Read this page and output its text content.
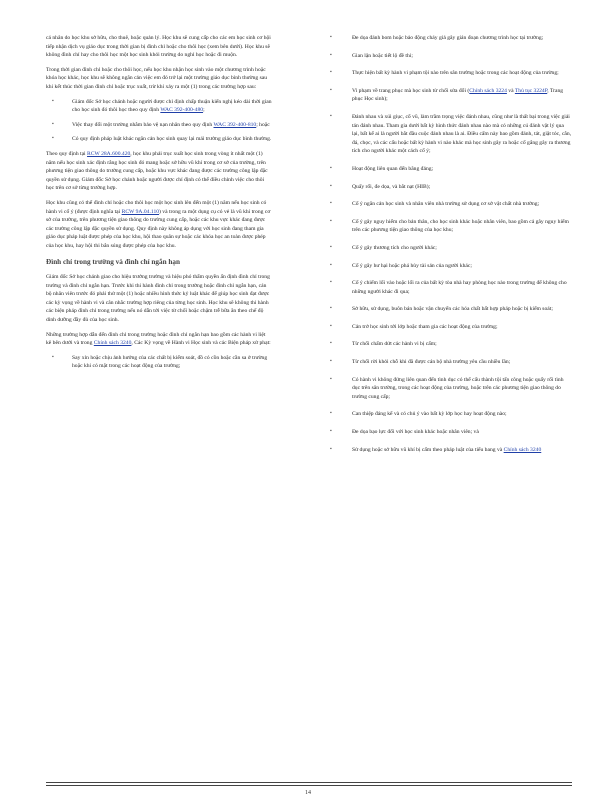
cá nhân do học khu sở hữu, cho thuê, hoặc quản lý. Học khu sẽ cung cấp cho các em học sinh cơ hội tiếp nhận dịch vụ giáo dục trong thời gian bị đình chỉ hoặc cho thôi học (xem bên dưới). Học khu sẽ không đình chỉ hay cho thôi học một học sinh khỏi trường do nghỉ học hoặc đi muộn.

Trong thời gian đình chỉ hoặc cho thôi học, nếu học khu nhận học sinh vào một chương trình hoặc khóa học khác, học khu sẽ không ngăn cản việc em đó trở lại một trường giáo dục bình thường sau khi kết thúc thời gian đình chỉ hoặc trục xuất, trừ khi xảy ra một (1) trong các trường hợp sau:

▪ Giám đốc Sở học chánh hoặc người được chỉ định chấp thuận kiến nghị kéo dài thời gian cho học sinh đó thôi học theo quy định WAC 392-400-480;
▪ Việc thay đổi một trường nhằm bảo vệ nạn nhân theo quy định WAC 392-400-810; hoặc
▪ Có quy định pháp luật khác ngăn cản học sinh quay lại mái trường giáo dục bình thường.

Theo quy định tại RCW 28A.600.420, học khu phải trục xuất học sinh trong vòng ít nhất một (1) năm nếu học sinh xác định rằng học sinh đó mang hoặc sở hữu vũ khí trong cơ sở của trường, trên phương tiện giao thông do trường cung cấp, hoặc khu vực khác đang được các trường công lập đặc quyền sử dụng. Giám đốc Sở học chánh hoặc người được chỉ định có thể điều chỉnh việc cho thôi học trên cơ sở từng trường hợp.

Học khu cũng có thể đình chỉ hoặc cho thôi học một học sinh lên đến một (1) năm nếu học sinh có hành vi cố ý (được định nghĩa tại RCW 9A.04.110) và trong ra một dụng cụ có vẻ là vũ khí trong cơ sở của trường, trên phương tiện giao thông do trường cung cấp, hoặc các khu vực khác đang được các trường công lập đặc quyền sử dụng. Quy định này không áp dụng với học sinh đang tham gia giáo dục pháp luật được phép của học khu, hội thao quân sự hoặc các khóa học an toàn được phép của học khu, hay hội thi bắn súng được phép của học khu.

Đình chỉ trong trường và đình chỉ ngắn hạn

Giám đốc Sở học chánh giao cho hiệu trưởng trường và hiệu phó thẩm quyền ấn định đình chỉ trong trường và đình chỉ ngắn hạn. Trước khi thi hành đình chỉ trong trường hoặc đình chỉ ngắn hạn, cán bộ nhân viên trước đó phải thử một (1) hoặc nhiều hình thức kỷ luật khác để giúp học sinh đạt được các kỳ vọng về hành vi và cân nhắc trường hợp riêng của từng học sinh. Học khu sẽ không thi hành các biện pháp đình chỉ trong trường nếu nó dẫn tới việc từ chối hoặc chậm trễ bữa ăn theo chế độ dinh dưỡng đầy đủ của học sinh.

Những trường hợp dẫn đến đình chỉ trong trường hoặc đình chỉ ngắn hạn bao gồm các hành vi liệt kê bên dưới và trong Chính sách 3240, Các Kỳ vọng về Hành vi Học sinh và các Biện pháp xử phạt:

▪ Say xỉn hoặc chịu ảnh hưởng của các chất bị kiểm soát, đồ có cồn hoặc cần sa ở trường hoặc khi có mặt trong các hoạt động của trường;
▪ Đe dọa đánh bom hoặc bảo động cháy giả gây gián đoạn chương trình học tại trường;
▪ Gian lận hoặc tiết lộ đề thi;
▪ Thực hiện bất kỳ hành vi phạm tội nào trên sân trường hoặc trong các hoạt động của trường;
▪ Vi phạm về trang phục mà học sinh từ chối sửa đổi (Chính sách 3224 và Thủ tục 3224P, Trang phục Học sinh);
▪ Đánh nhau và xúi giục, cổ vũ, làm trầm trọng việc đánh nhau, cũng như là thất bại trong việc giải tán đánh nhau. Tham gia dưới bất kỳ hình thức đánh nhau nào mà có những cú đánh vật lý qua lại, bất kể ai là người bắt đầu cuộc đánh nhau là ai. Điều cấm này bao gồm đánh, tát, giật tóc, cắn, đá, chọc, và các cấu hoặc bất kỳ hành vi nào khác mà học sinh gây ra hoặc cố gắng gây ra thương tích cho người khác một cách cố ý;
▪ Hoạt động liên quan đến băng đảng;
▪ Quấy rối, đe dọa, và bắt nạt (HIB);
▪ Cố ý ngăn cản học sinh và nhân viên nhà trường sử dụng cơ sở vật chất nhà trường;
▪ Cố ý gây nguy hiểm cho bản thân, cho học sinh khác hoặc nhân viên, bao gồm cả gây nguy hiểm trên các phương tiện giao thông của học khu;
▪ Cố ý gây thương tích cho người khác;
▪ Cố ý gây hư hại hoặc phá hủy tài sản của người khác;
▪ Cố ý chiếm lối vào hoặc lối ra của bất kỳ tòa nhà hay phòng học nào trong trường để không cho những người khác đi qua;
▪ Sở hữu, sử dụng, buôn bán hoặc vận chuyển các hóa chất bất hợp pháp hoặc bị kiểm soát;
▪ Cản trở học sinh tới lớp hoặc tham gia các hoạt động của trường;
▪ Từ chối chấm dứt các hành vi bị cấm;
▪ Từ chối rời khỏi chỗ khi đã được cán bộ nhà trường yêu cầu nhiều lần;
▪ Có hành vi không đứng liên quan đến tình dục có thể cấu thành tội tấn công hoặc quấy rối tình dục trên sân trường, trong các hoạt động của trường, hoặc trên các phương tiện giao thông do trường cung cấp;
▪ Can thiệp đáng kể và có chủ ý vào bất kỳ lớp học hay hoạt động nào;
▪ Đe dọa bạo lực đối với học sinh khác hoặc nhân viên; và
▪ Sử dụng hoặc sở hữu vũ khí bị cấm theo pháp luật của tiểu bang và Chính sách 3240
14
